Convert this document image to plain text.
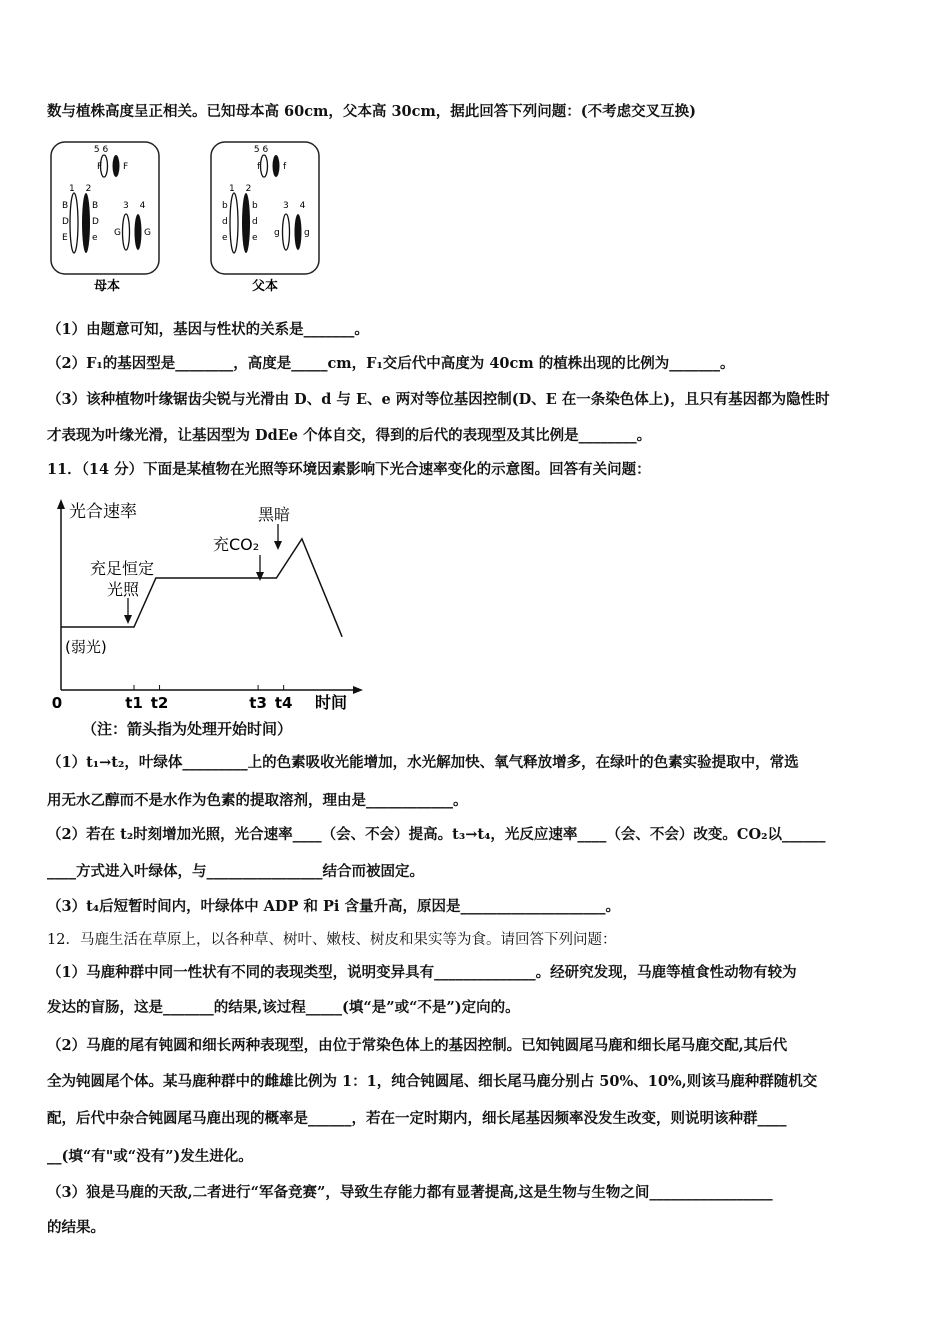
数与植株高度呈正相关。已知母本高 60cm，父本高 30cm，据此回答下列问题：(不考虑交叉互换)
5 6
F F
1 2
B
D
E
B
D
e
3 4
G	G
母本
5 6
f	f
1 2
b
d
e
b
d
e
3 4
g	g
父本
（1）由题意可知，基因与性状的关系是_______。
（2）F₁的基因型是________，高度是_____cm，F₁交后代中高度为 40cm 的植株出现的比例为_______。
（3）该种植物叶缘锯齿尖锐与光滑由 D、d 与 E、e 两对等位基因控制(D、E 在一条染色体上)，且只有基因都为隐性时
才表现为叶缘光滑，让基因型为 DdEe 个体自交，得到的后代的表现型及其比例是________。
11．（14 分）下面是某植物在光照等环境因素影响下光合速率变化的示意图。回答有关问题：
光合速率
时间
0	t1 t2	t3 t4
(弱光)
充足恒定
光照
充CO₂
黑暗
（注：箭头指为处理开始时间）
（1）t₁→t₂，叶绿体_________上的色素吸收光能增加，水光解加快、氧气释放增多，在绿叶的色素实验提取中，常选
用无水乙醇而不是水作为色素的提取溶剂，理由是____________。
（2）若在 t₂时刻增加光照，光合速率____（会、不会）提高。t₃→t₄，光反应速率____（会、不会）改变。CO₂以______
____方式进入叶绿体，与________________结合而被固定。
（3）t₄后短暂时间内，叶绿体中 ADP 和 Pi 含量升高，原因是____________________。
12．马鹿生活在草原上，以各种草、树叶、嫩枝、树皮和果实等为食。请回答下列问题：
（1）马鹿种群中同一性状有不同的表现类型，说明变异具有______________。经研究发现，马鹿等植食性动物有较为
发达的盲肠，这是_______的结果,该过程_____(填“是”或“不是”)定向的。
（2）马鹿的尾有钝圆和细长两种表现型，由位于常染色体上的基因控制。已知钝圆尾马鹿和细长尾马鹿交配,其后代
全为钝圆尾个体。某马鹿种群中的雌雄比例为 1：1，纯合钝圆尾、细长尾马鹿分别占 50%、10%,则该马鹿种群随机交
配，后代中杂合钝圆尾马鹿出现的概率是______，若在一定时期内，细长尾基因频率没发生改变，则说明该种群____
__(填“有"或“没有”)发生进化。
（3）狼是马鹿的天敌,二者进行“军备竞赛”，导致生存能力都有显著提高,这是生物与生物之间_________________
的结果。
